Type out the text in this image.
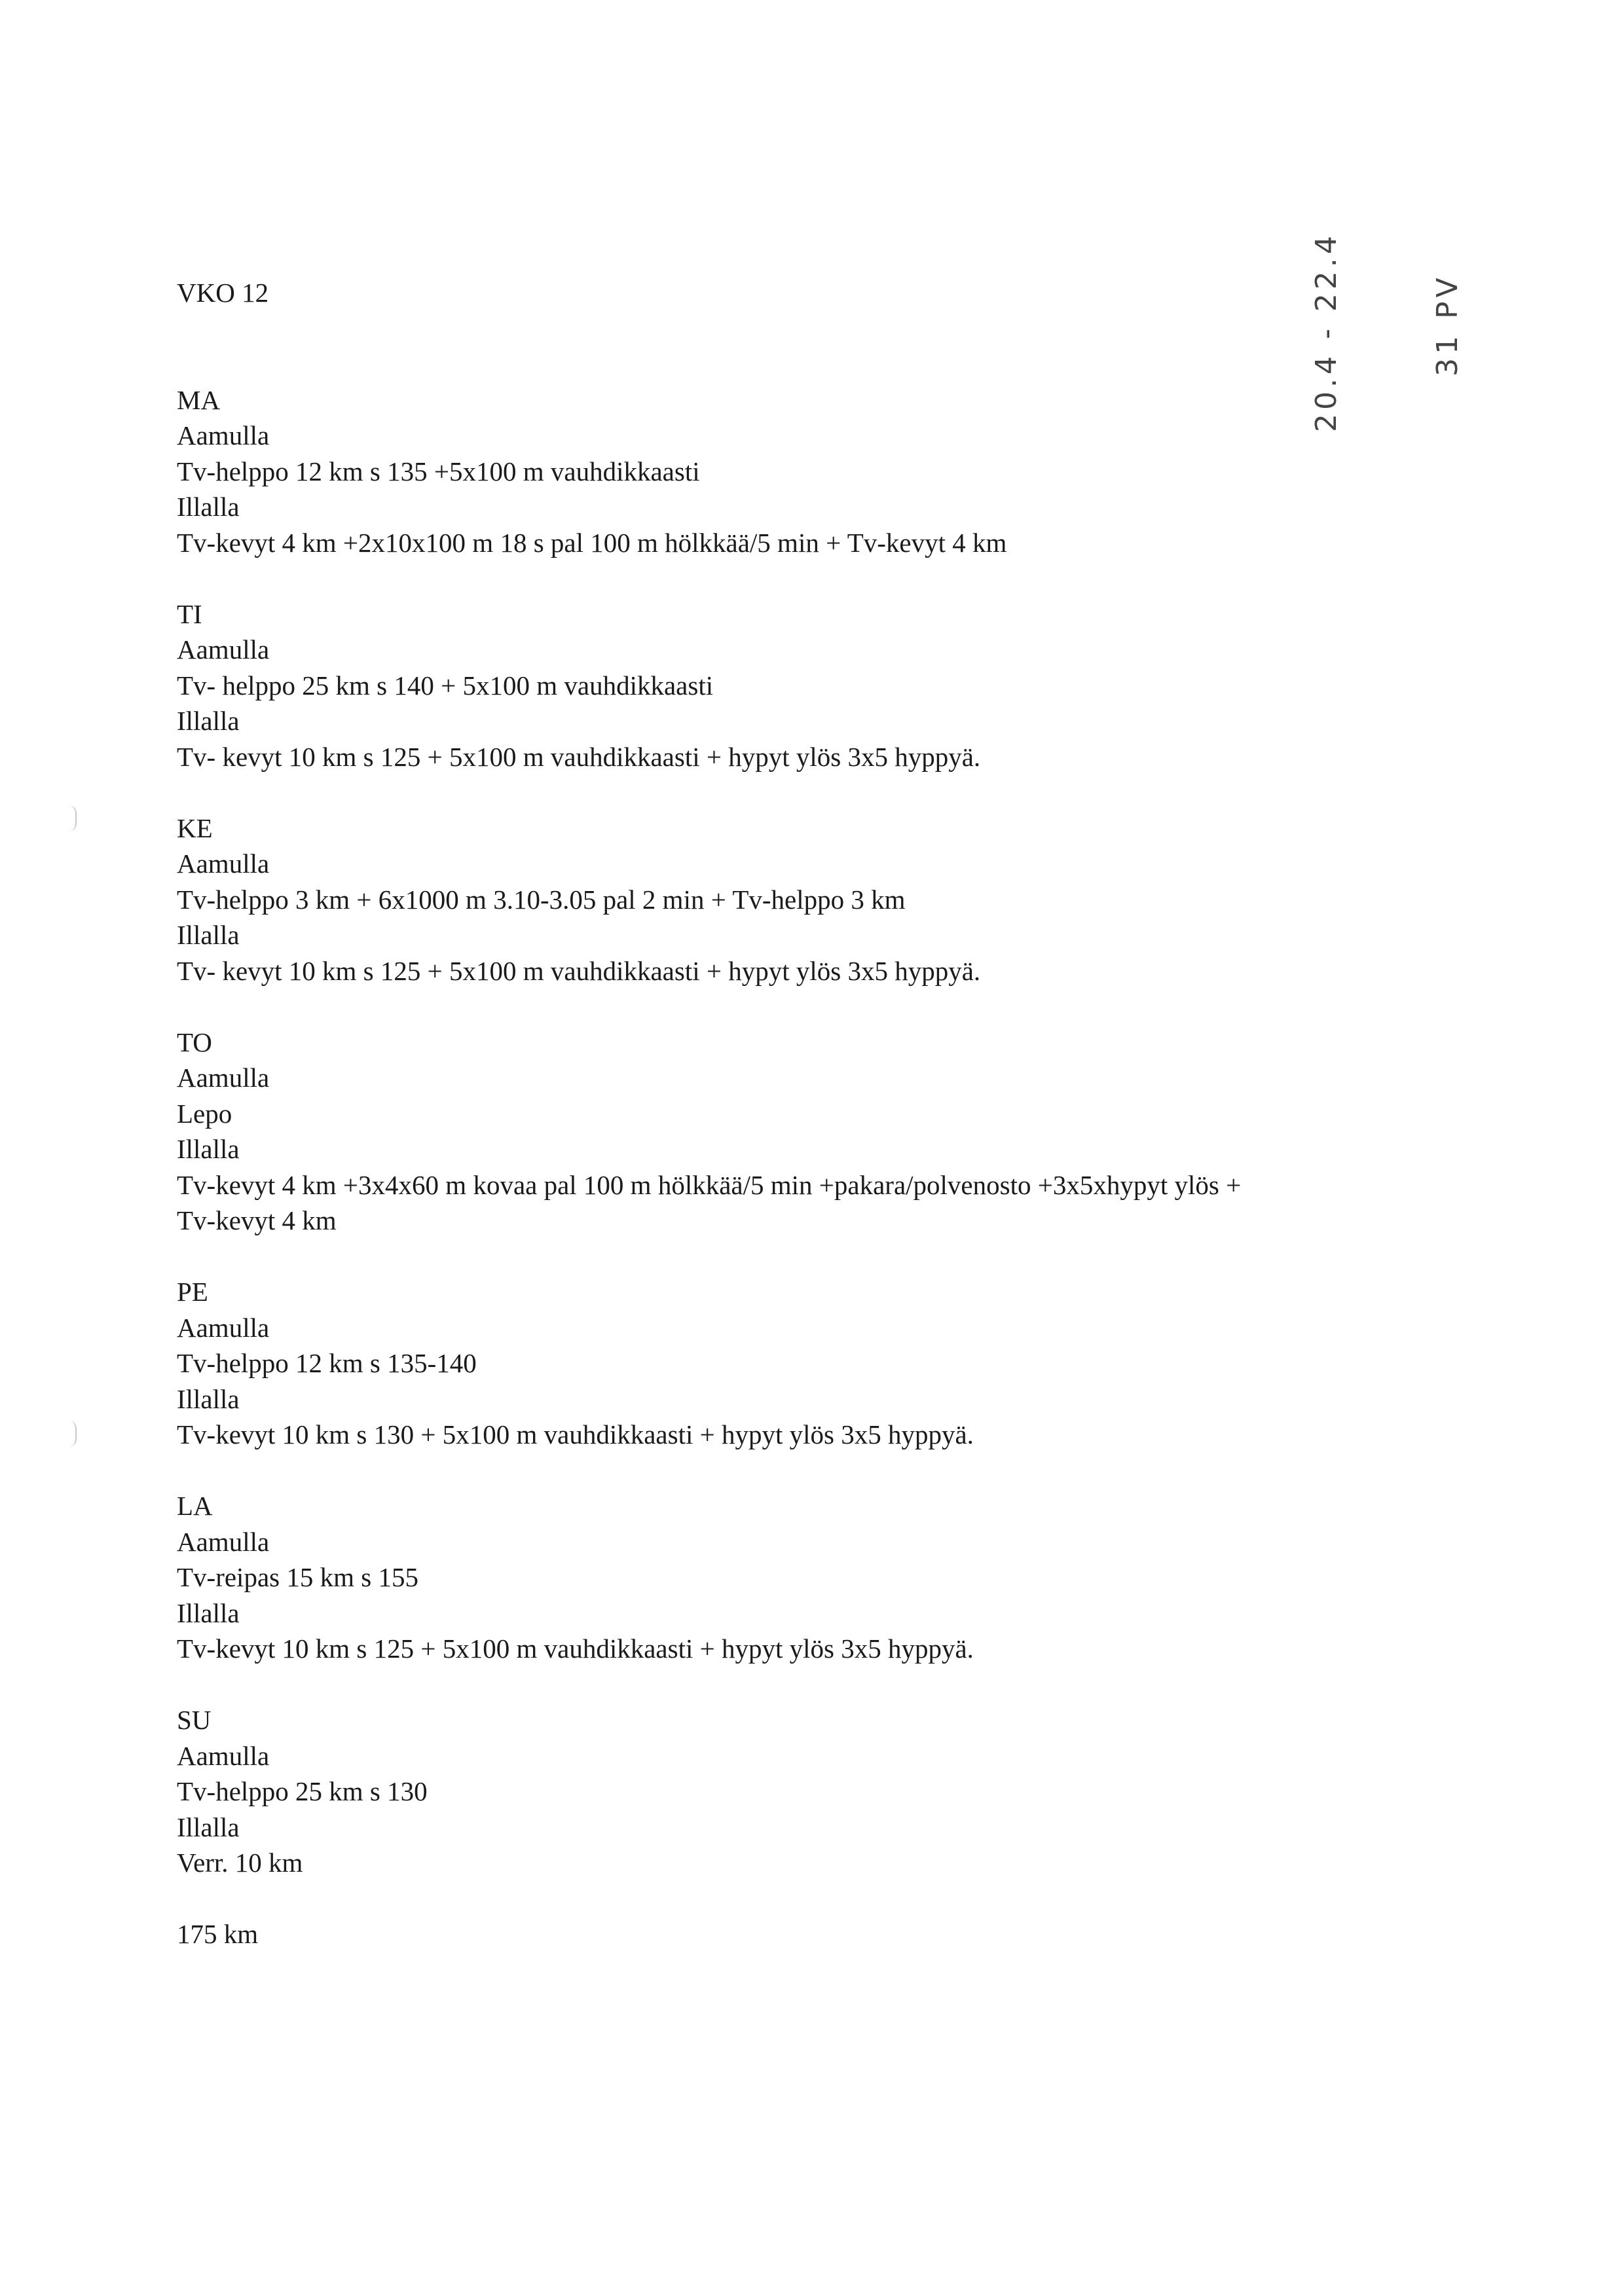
VKO 12
MA
Aamulla
Tv-helppo 12 km s 135 +5x100 m vauhdikkaasti
Illalla
Tv-kevyt 4 km +2x10x100 m 18 s pal 100 m hölkkää/5 min + Tv-kevyt 4 km
TI
Aamulla
Tv- helppo 25 km s 140 + 5x100 m vauhdikkaasti
Illalla
Tv- kevyt 10 km s 125 + 5x100 m vauhdikkaasti + hypyt ylös 3x5 hyppyä.
KE
Aamulla
Tv-helppo 3 km + 6x1000 m 3.10-3.05 pal 2 min + Tv-helppo 3 km
Illalla
Tv- kevyt 10 km s 125 + 5x100 m vauhdikkaasti + hypyt ylös 3x5 hyppyä.
TO
Aamulla
Lepo
Illalla
Tv-kevyt 4 km +3x4x60 m kovaa pal 100 m hölkkää/5 min +pakara/polvenosto +3x5xhypyt ylös +
Tv-kevyt 4 km
PE
Aamulla
Tv-helppo 12 km s 135-140
Illalla
Tv-kevyt 10 km s 130 + 5x100 m vauhdikkaasti + hypyt ylös 3x5 hyppyä.
LA
Aamulla
Tv-reipas 15 km s 155
Illalla
Tv-kevyt 10 km s 125 + 5x100 m vauhdikkaasti + hypyt ylös 3x5 hyppyä.
SU
Aamulla
Tv-helppo 25 km s 130
Illalla
Verr. 10 km
175 km
20.4 - 22.4	31 PV
